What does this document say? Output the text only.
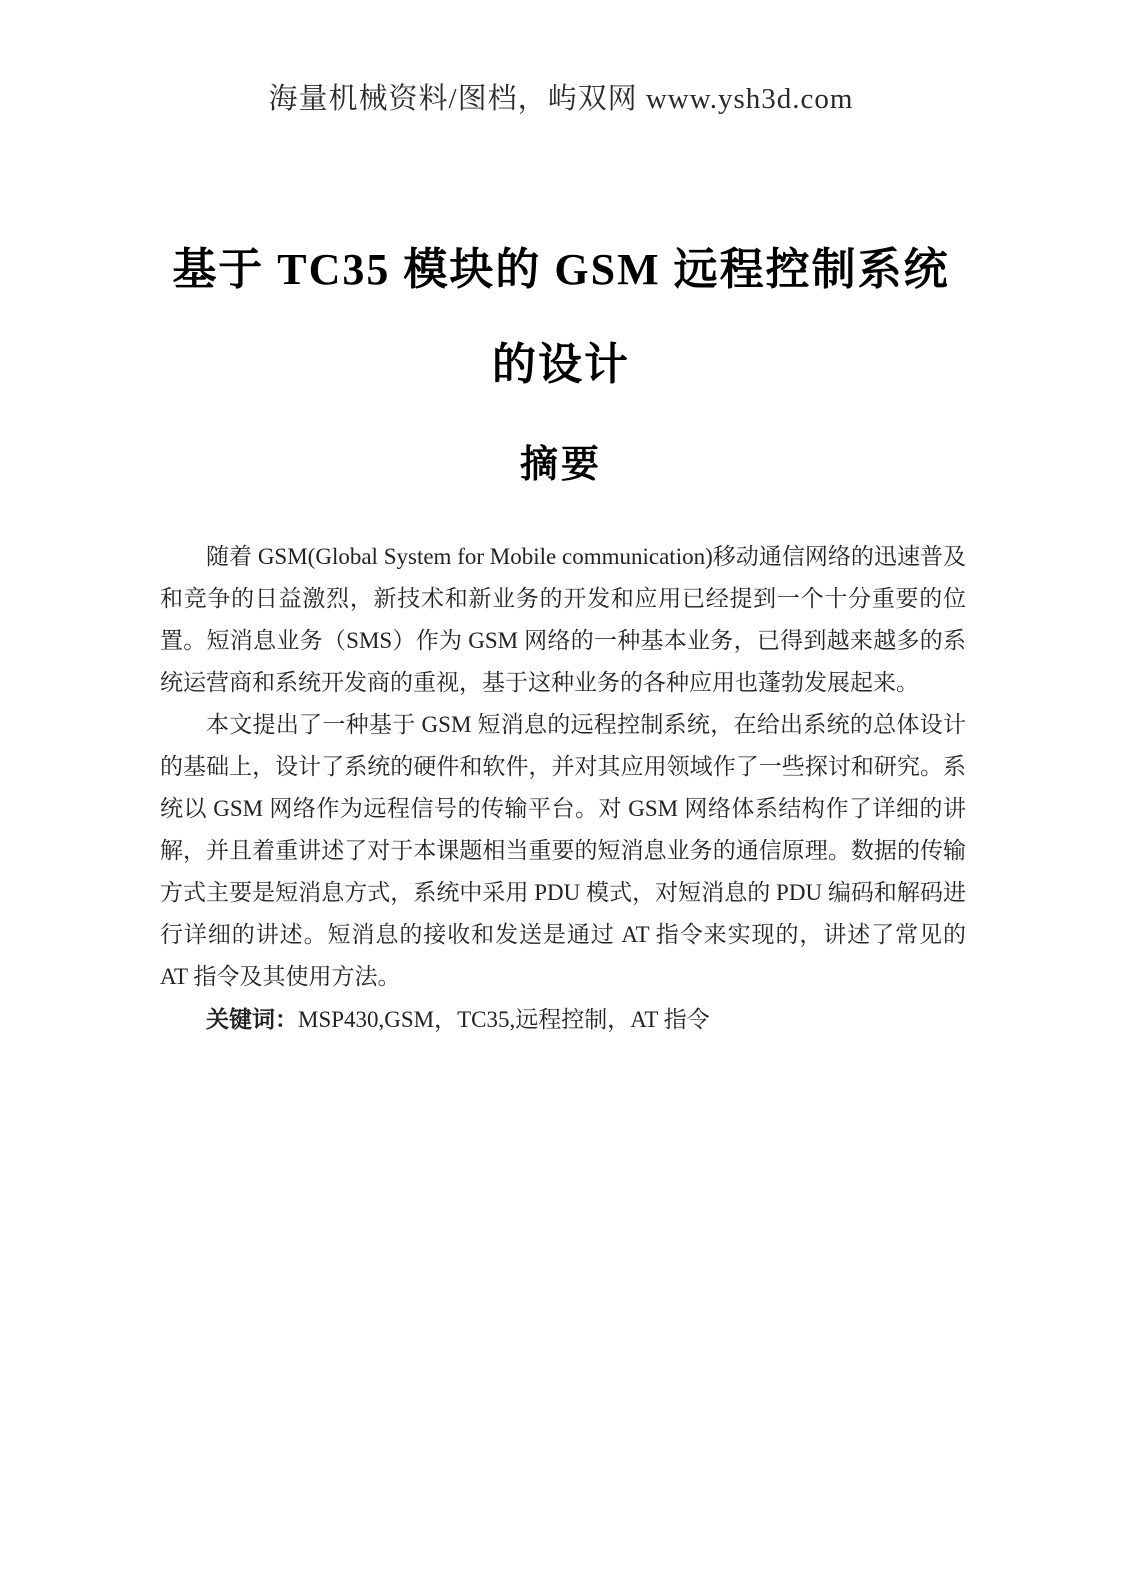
海量机械资料/图档，屿双网 www.ysh3d.com
基于 TC35 模块的 GSM 远程控制系统
的设计
摘要

随着 GSM(Global System for Mobile communication)移动通信网络的迅速普及和竞争的日益激烈，新技术和新业务的开发和应用已经提到一个十分重要的位置。短消息业务（SMS）作为 GSM 网络的一种基本业务，已得到越来越多的系统运营商和系统开发商的重视，基于这种业务的各种应用也蓬勃发展起来。

本文提出了一种基于 GSM 短消息的远程控制系统，在给出系统的总体设计的基础上，设计了系统的硬件和软件，并对其应用领域作了一些探讨和研究。系统以 GSM 网络作为远程信号的传输平台。对 GSM 网络体系结构作了详细的讲解，并且着重讲述了对于本课题相当重要的短消息业务的通信原理。数据的传输方式主要是短消息方式，系统中采用 PDU 模式，对短消息的 PDU 编码和解码进行详细的讲述。短消息的接收和发送是通过 AT 指令来实现的，讲述了常见的 AT 指令及其使用方法。

关键词：MSP430,GSM，TC35,远程控制，AT 指令
